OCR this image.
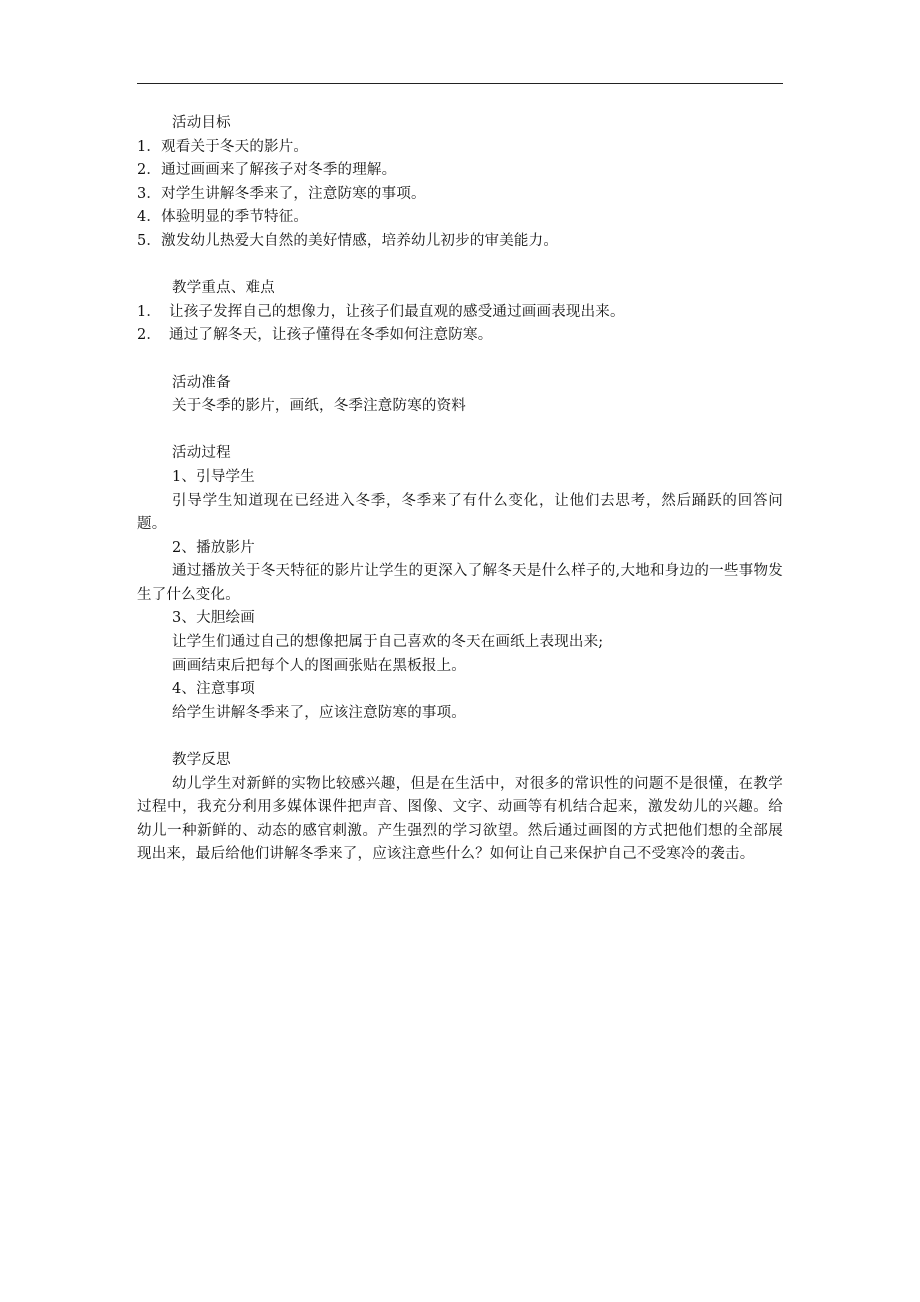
活动目标

1．观看关于冬天的影片。

2．通过画画来了解孩子对冬季的理解。

3．对学生讲解冬季来了，注意防寒的事项。

4．体验明显的季节特征。

5．激发幼儿热爱大自然的美好情感，培养幼儿初步的审美能力。

教学重点、难点

1． 让孩子发挥自己的想像力，让孩子们最直观的感受通过画画表现出来。

2． 通过了解冬天，让孩子懂得在冬季如何注意防寒。

活动准备

关于冬季的影片，画纸，冬季注意防寒的资料

活动过程

1、引导学生

引导学生知道现在已经进入冬季，冬季来了有什么变化，让他们去思考，然后踊跃的回答问题。

2、播放影片

通过播放关于冬天特征的影片让学生的更深入了解冬天是什么样子的,大地和身边的一些事物发生了什么变化。

3、大胆绘画

让学生们通过自己的想像把属于自己喜欢的冬天在画纸上表现出来;

画画结束后把每个人的图画张贴在黑板报上。

4、注意事项

给学生讲解冬季来了，应该注意防寒的事项。

教学反思

幼儿学生对新鲜的实物比较感兴趣，但是在生活中，对很多的常识性的问题不是很懂，在教学过程中，我充分利用多媒体课件把声音、图像、文字、动画等有机结合起来，激发幼儿的兴趣。给幼儿一种新鲜的、动态的感官刺激。产生强烈的学习欲望。然后通过画图的方式把他们想的全部展现出来，最后给他们讲解冬季来了，应该注意些什么？如何让自己来保护自己不受寒冷的袭击。
